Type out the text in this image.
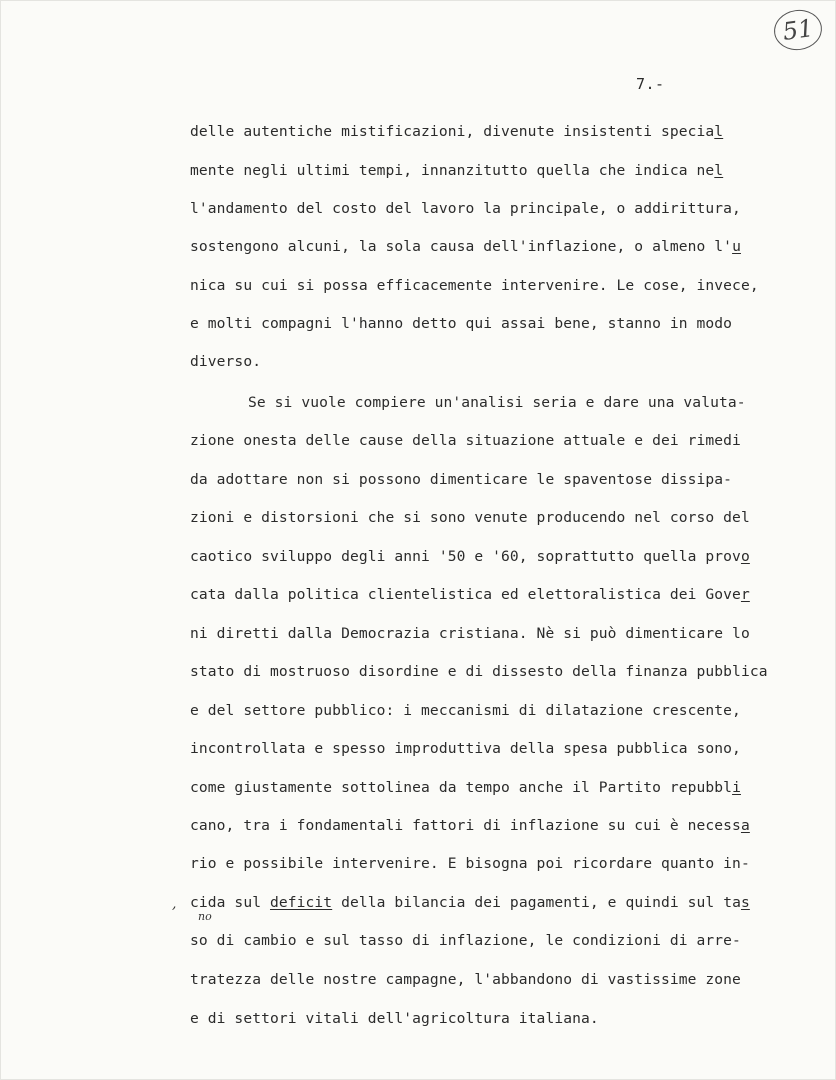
51
7.-
delle autentiche mistificazioni, divenute insistenti special
mente negli ultimi tempi, innanzitutto quella che indica nel
l'andamento del costo del lavoro la principale, o addirittura,
sostengono alcuni, la sola causa dell'inflazione, o almeno l'u
nica su cui si possa efficacemente intervenire. Le cose, invece,
e molti compagni l'hanno detto qui assai bene, stanno in modo
diverso.
Se si vuole compiere un'analisi seria e dare una valuta-
zione onesta delle cause della situazione attuale e dei rimedi
da adottare non si possono dimenticare le spaventose dissipa-
zioni e distorsioni che si sono venute producendo nel corso del
caotico sviluppo degli anni '50 e '60, soprattutto quella provo
cata dalla politica clientelistica ed elettoralistica dei Gover
ni diretti dalla Democrazia cristiana. Nè si può dimenticare lo
stato di mostruoso disordine e di dissesto della finanza pubblica
e del settore pubblico: i meccanismi di dilatazione crescente,
incontrollata e spesso improduttiva della spesa pubblica sono,
come giustamente sottolinea da tempo anche il Partito repubbli
cano, tra i fondamentali fattori di inflazione su cui è necessa
rio e possibile intervenire. E bisogna poi ricordare quanto in-
cida sul deficit della bilancia dei pagamenti, e quindi sul tas
so di cambio e sul tasso di inflazione, le condizioni di arre-
tratezza delle nostre campagne, l'abbandono di vastissime zone
e di settori vitali dell'agricoltura italiana.
,
no
